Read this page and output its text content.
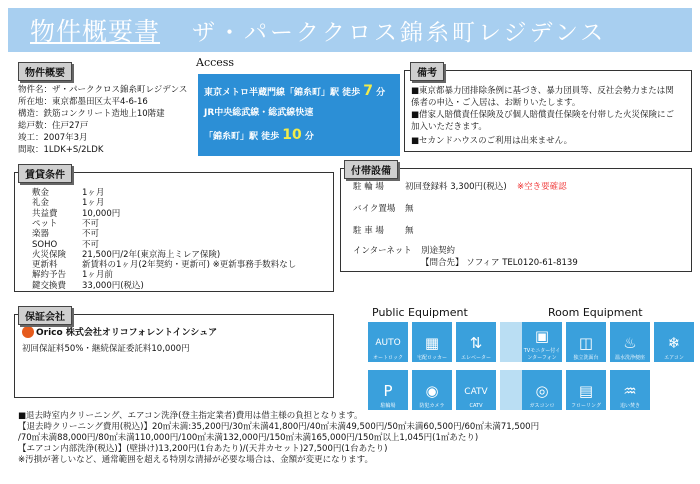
物件概要書 ザ・パーククロス錦糸町レジデンス
物件概要
物件名：ザ・パーククロス錦糸町レジデンス
所在地：東京都墨田区太平4-6-16
構造：鉄筋コンクリート造地上10階建
総戸数：住戸27戸
竣工：2007年3月
間取：1LDK+S/2LDK
Access
東京メトロ半蔵門線「錦糸町」駅 徒歩 7 分
JR中央総武線・総武線快速
「錦糸町」駅 徒歩 10 分
備考
■東京都暴力団排除条例に基づき、暴力団員等、反社会勢力または関
係者の申込・ご入居は、お断りいたします。
■借家人賠償責任保険及び個人賠償責任保険を付帯した火災保険にご
加入いただきます。
■セカンドハウスのご利用は出来ません。
賃貸条件
敷金	1ヶ月
礼金	1ヶ月
共益費	10,000円
ペット	不可
楽器	不可
SOHO	不可
火災保険 21,500円/2年(東京海上ミレア保険)
更新料	新賃料の1ヶ月(2年契約・更新可) ※更新事務手数料なし
解約予告 1ヶ月前
鍵交換費 33,000円(税込)
付帯設備
駐 輪 場 初回登録料 3,300円(税込) ※空き要確認
バイク置場 無
駐 車 場 無
インターネット 別途契約
【問合先】 ソフィア TEL0120-61-8139
保証会社
Orico 株式会社オリコフォレントインシュア
初回保証料50%・継続保証委託料10,000円
Public Equipment
AUTO
オートロック
▦
宅配ロッカー
⇅
エレベーター
P
駐輪場
◉
防犯カメラ
CATV
CATV
Room Equipment
▣
TVモニター付インターフォン
◫
独立洗面台
♨
温水洗浄便座
❄
エアコン
◎
ガスコンロ
▤
フローリング
♒
追い焚き
■退去時室内クリーニング、エアコン洗浄(登主指定業者)費用は借主様の負担となります。
【退去時クリーニング費用(税込)】20㎡未満:35,200円/30㎡未満41,800円/40㎡未満49,500円/50㎡未満60,500円/60㎡未満71,500円
/70㎡未満88,000円/80㎡未満110,000円/100㎡未満132,000円/150㎡未満165,000円/150㎡以上1,045円(1㎡あたり)
【エアコン内部洗浄(税込)】(壁掛け)13,200円(1台あたり)/(天井カセット)27,500円(1台あたり)
※汚損が著しいなど、通常範囲を超える特別な清掃が必要な場合は、金額が変更になります。
